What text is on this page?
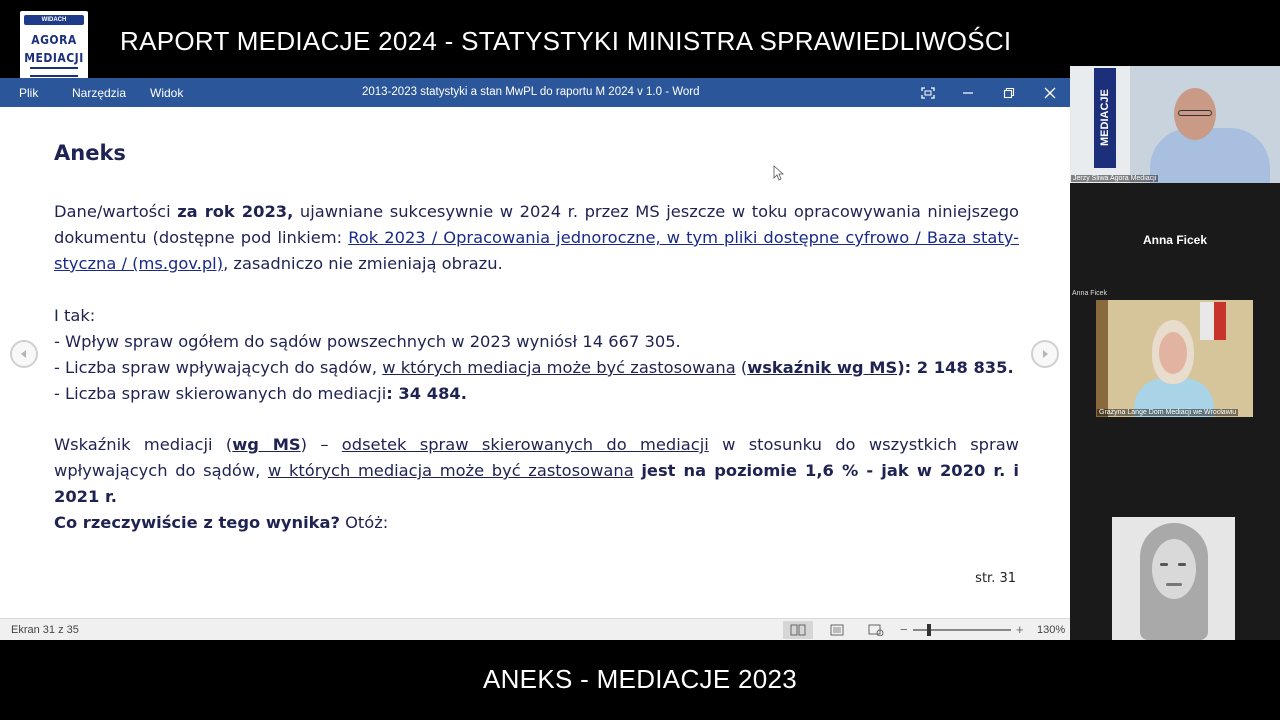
WIDACH
AGORA
MEDIACJI
RAPORT MEDIACJE 2024 - STATYSTYKI MINISTRA SPRAWIEDLIWOŚCI
Plik	Narzędzia Widok	2013-2023 statystyki a stan MwPL do raportu M 2024 v 1.0 - Word
Aneks
Dane/wartości za rok 2023, ujawniane sukcesywnie w 2024 r. przez MS jeszcze w toku opracowywania niniejszego dokumentu (dostępne pod linkiem: Rok 2023 / Opracowania jednoroczne, w tym pliki dostępne cyfrowo / Baza staty-styczna / (ms.gov.pl), zasadniczo nie zmieniają obrazu.
I tak:
- Wpływ spraw ogółem do sądów powszechnych w 2023 wyniósł 14 667 305.
- Liczba spraw wpływających do sądów, w których mediacja może być zastosowana (wskaźnik wg MS): 2 148 835.
- Liczba spraw skierowanych do mediacji: 34 484.
Wskaźnik mediacji (wg MS) – odsetek spraw skierowanych do mediacji w stosunku do wszystkich spraw wpływających do sądów, w których mediacja może być zastosowana jest na poziomie 1,6 % - jak w 2020 r. i 2021 r.
Co rzeczywiście z tego wynika? Otóż:
str. 31
Ekran 31 z 35	−	+ 130%
MEDIACJE
Jerzy Śliwa Agora Mediacji
Anna Ficek
Anna Ficek
Grażyna Lange Dom Mediacji we Wrocławiu
ANEKS - MEDIACJE 2023
